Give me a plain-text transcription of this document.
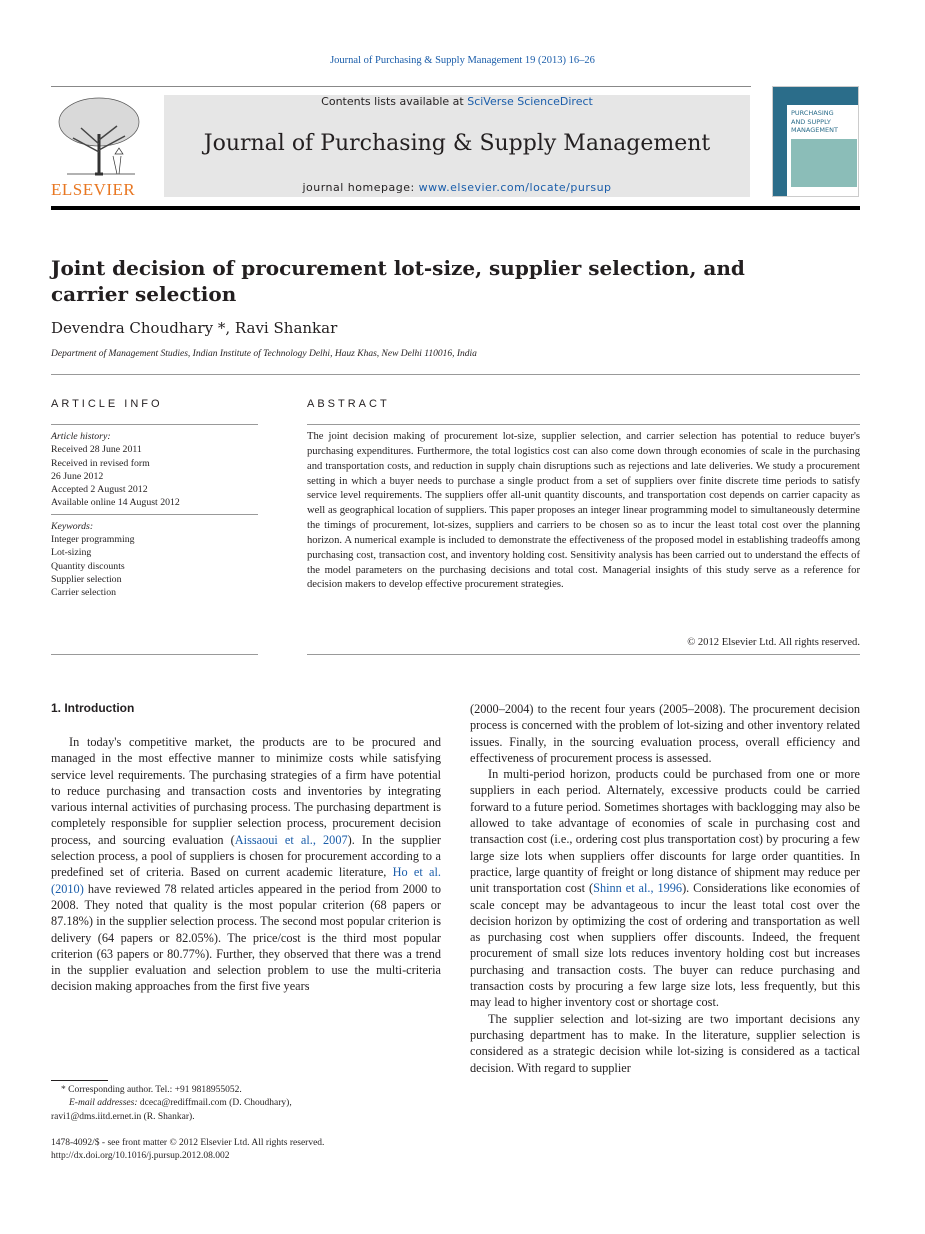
Journal of Purchasing & Supply Management 19 (2013) 16–26
ELSEVIER
Contents lists available at SciVerse ScienceDirect
Journal of Purchasing & Supply Management
journal homepage: www.elsevier.com/locate/pursup
PURCHASING
AND SUPPLY
MANAGEMENT
Joint decision of procurement lot-size, supplier selection, and carrier selection
Devendra Choudhary *, Ravi Shankar
Department of Management Studies, Indian Institute of Technology Delhi, Hauz Khas, New Delhi 110016, India
ARTICLE INFO	ABSTRACT
Article history:
Received 28 June 2011
Received in revised form
26 June 2012
Accepted 2 August 2012
Available online 14 August 2012
Keywords:
Integer programming
Lot-sizing
Quantity discounts
Supplier selection
Carrier selection
The joint decision making of procurement lot-size, supplier selection, and carrier selection has potential to reduce buyer's purchasing expenditures. Furthermore, the total logistics cost can also come down through economies of scale in the purchasing and transportation costs, and reduction in supply chain disruptions such as rejections and late deliveries. We study a procurement setting in which a buyer needs to purchase a single product from a set of suppliers over finite discrete time periods to satisfy service level requirements. The suppliers offer all-unit quantity discounts, and transportation cost depends on carrier capacity as well as geographical location of suppliers. This paper proposes an integer linear programming model to simultaneously determine the timings of procurement, lot-sizes, suppliers and carriers to be chosen so as to incur the least total cost over the planning horizon. A numerical example is included to demonstrate the effectiveness of the proposed model in establishing tradeoffs among purchasing cost, transaction cost, and inventory holding cost. Sensitivity analysis has been carried out to understand the effects of the model parameters on the purchasing decisions and total cost. Managerial insights of this study serve as a reference for decision makers to develop effective procurement strategies.
© 2012 Elsevier Ltd. All rights reserved.
1. Introduction
In today's competitive market, the products are to be procured and managed in the most effective manner to minimize costs while satisfying service level requirements. The purchasing strategies of a firm have potential to reduce purchasing and transaction costs and inventories by integrating various internal activities of purchasing process. The purchasing department is completely responsible for supplier selection process, procurement decision process, and sourcing evaluation (Aissaoui et al., 2007). In the supplier selection process, a pool of suppliers is chosen for procurement according to a predefined set of criteria. Based on current academic literature, Ho et al. (2010) have reviewed 78 related articles appeared in the period from 2000 to 2008. They noted that quality is the most popular criterion (68 papers or 87.18%) in the supplier selection process. The second most popular criterion is delivery (64 papers or 82.05%). The price/cost is the third most popular criterion (63 papers or 80.77%). Further, they observed that there was a trend in the supplier evaluation and selection problem to use the multi-criteria decision making approaches from the first five years

(2000–2004) to the recent four years (2005–2008). The procurement decision process is concerned with the problem of lot-sizing and other inventory related issues. Finally, in the sourcing evaluation process, overall efficiency and effectiveness of procurement process is assessed.

In multi-period horizon, products could be purchased from one or more suppliers in each period. Alternately, excessive products could be carried forward to a future period. Sometimes shortages with backlogging may also be allowed to take advantage of economies of scale in purchasing cost and transaction cost (i.e., ordering cost plus transportation cost) by procuring a few large size lots when suppliers offer discounts for large order quantities. In practice, large quantity of freight or long distance of shipment may reduce per unit transportation cost (Shinn et al., 1996). Considerations like economies of scale concept may be advantageous to incur the least total cost over the decision horizon by optimizing the cost of ordering and transportation as well as purchasing cost when suppliers offer discounts. Indeed, the frequent procurement of small size lots reduces inventory holding cost but increases purchasing and transaction costs. The buyer can reduce purchasing and transaction costs by procuring a few large size lots, less frequently, but this may lead to higher inventory cost or shortage cost.

The supplier selection and lot-sizing are two important decisions any purchasing department has to make. In the literature, supplier selection is considered as a strategic decision while lot-sizing is considered as a tactical decision. With regard to supplier

* Corresponding author. Tel.: +91 9818955052.
E-mail addresses: dceca@rediffmail.com (D. Choudhary),
ravi1@dms.iitd.ernet.in (R. Shankar).
1478-4092/$ - see front matter © 2012 Elsevier Ltd. All rights reserved.
http://dx.doi.org/10.1016/j.pursup.2012.08.002
